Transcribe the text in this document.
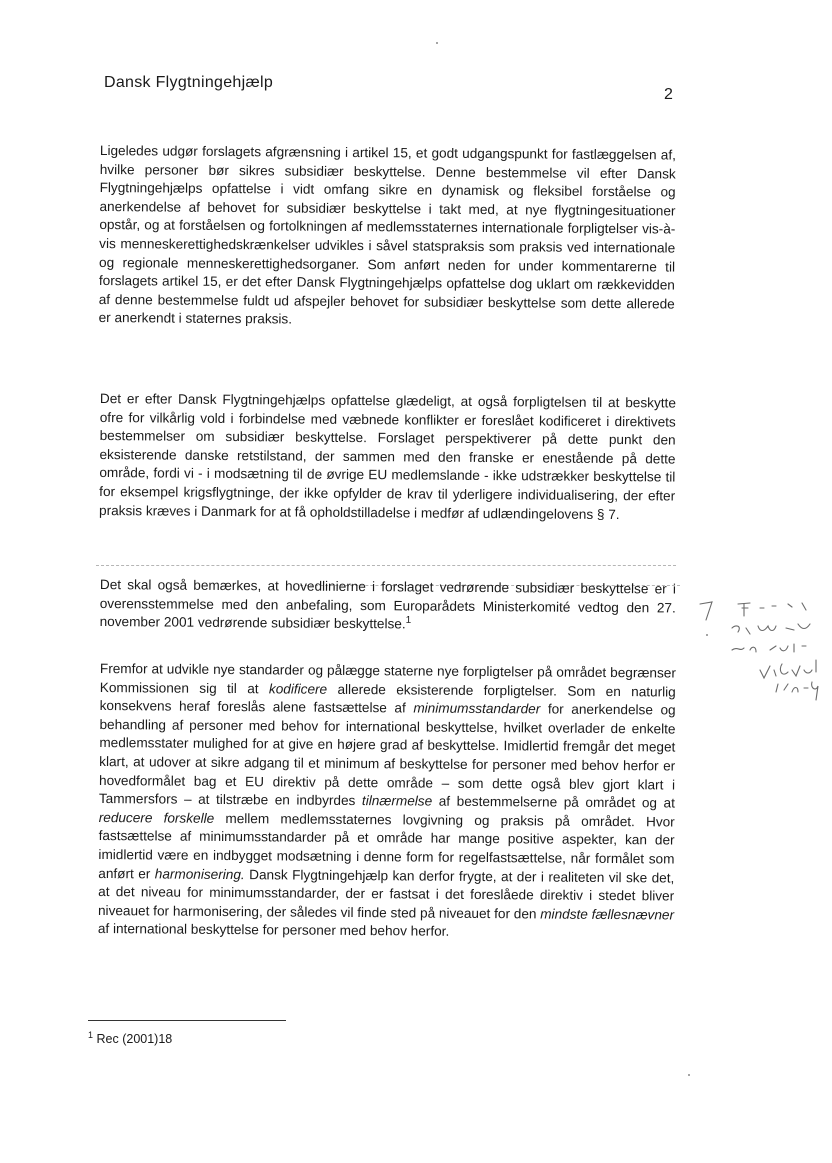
Dansk Flygtningehjælp
2

Ligeledes udgør forslagets afgrænsning i artikel 15, et godt udgangspunkt for fastlæggelsen af, hvilke personer bør sikres subsidiær beskyttelse. Denne bestemmelse vil efter Dansk Flygtningehjælps opfattelse i vidt omfang sikre en dynamisk og fleksibel forståelse og anerkendelse af behovet for subsidiær beskyttelse i takt med, at nye flygtningesituationer opstår, og at forståelsen og fortolkningen af medlemsstaternes internationale forpligtelser vis-à-vis menneskerettighedskrænkelser udvikles i såvel statspraksis som praksis ved internationale og regionale menneskerettighedsorganer. Som anført neden for under kommentarerne til forslagets artikel 15, er det efter Dansk Flygtningehjælps opfattelse dog uklart om rækkevidden af denne bestemmelse fuldt ud afspejler behovet for subsidiær beskyttelse som dette allerede er anerkendt i staternes praksis.

Det er efter Dansk Flygtningehjælps opfattelse glædeligt, at også forpligtelsen til at beskytte ofre for vilkårlig vold i forbindelse med væbnede konflikter er foreslået kodificeret i direktivets bestemmelser om subsidiær beskyttelse. Forslaget perspektiverer på dette punkt den eksisterende danske retstilstand, der sammen med den franske er enestående på dette område, fordi vi - i modsætning til de øvrige EU medlemslande - ikke udstrækker beskyttelse til for eksempel krigsflygtninge, der ikke opfylder de krav til yderligere individualisering, der efter praksis kræves i Danmark for at få opholdstilladelse i medfør af udlændingelovens § 7.

Det skal også bemærkes, at hovedlinierne i forslaget vedrørende subsidiær beskyttelse er i overensstemmelse med den anbefaling, som Europarådets Ministerkomité vedtog den 27. november 2001 vedrørende subsidiær beskyttelse.$^1$

Fremfor at udvikle nye standarder og pålægge staterne nye forpligtelser på området begrænser Kommissionen sig til at kodificere allerede eksisterende forpligtelser. Som en naturlig konsekvens heraf foreslås alene fastsættelse af minimumsstandarder for anerkendelse og behandling af personer med behov for international beskyttelse, hvilket overlader de enkelte medlemsstater mulighed for at give en højere grad af beskyttelse. Imidlertid fremgår det meget klart, at udover at sikre adgang til et minimum af beskyttelse for personer med behov herfor er hovedformålet bag et EU direktiv på dette område – som dette også blev gjort klart i Tammersfors – at tilstræbe en indbyrdes tilnærmelse af bestemmelserne på området og at reducere forskelle mellem medlemsstaternes lovgivning og praksis på området. Hvor fastsættelse af minimumsstandarder på et område har mange positive aspekter, kan der imidlertid være en indbygget modsætning i denne form for regelfastsættelse, når formålet som anført er harmonisering. Dansk Flygtningehjælp kan derfor frygte, at der i realiteten vil ske det, at det niveau for minimumsstandarder, der er fastsat i det foreslåede direktiv i stedet bliver niveauet for harmonisering, der således vil finde sted på niveauet for den mindste fællesnævner af international beskyttelse for personer med behov herfor.

$^1$ Rec (2001)18
